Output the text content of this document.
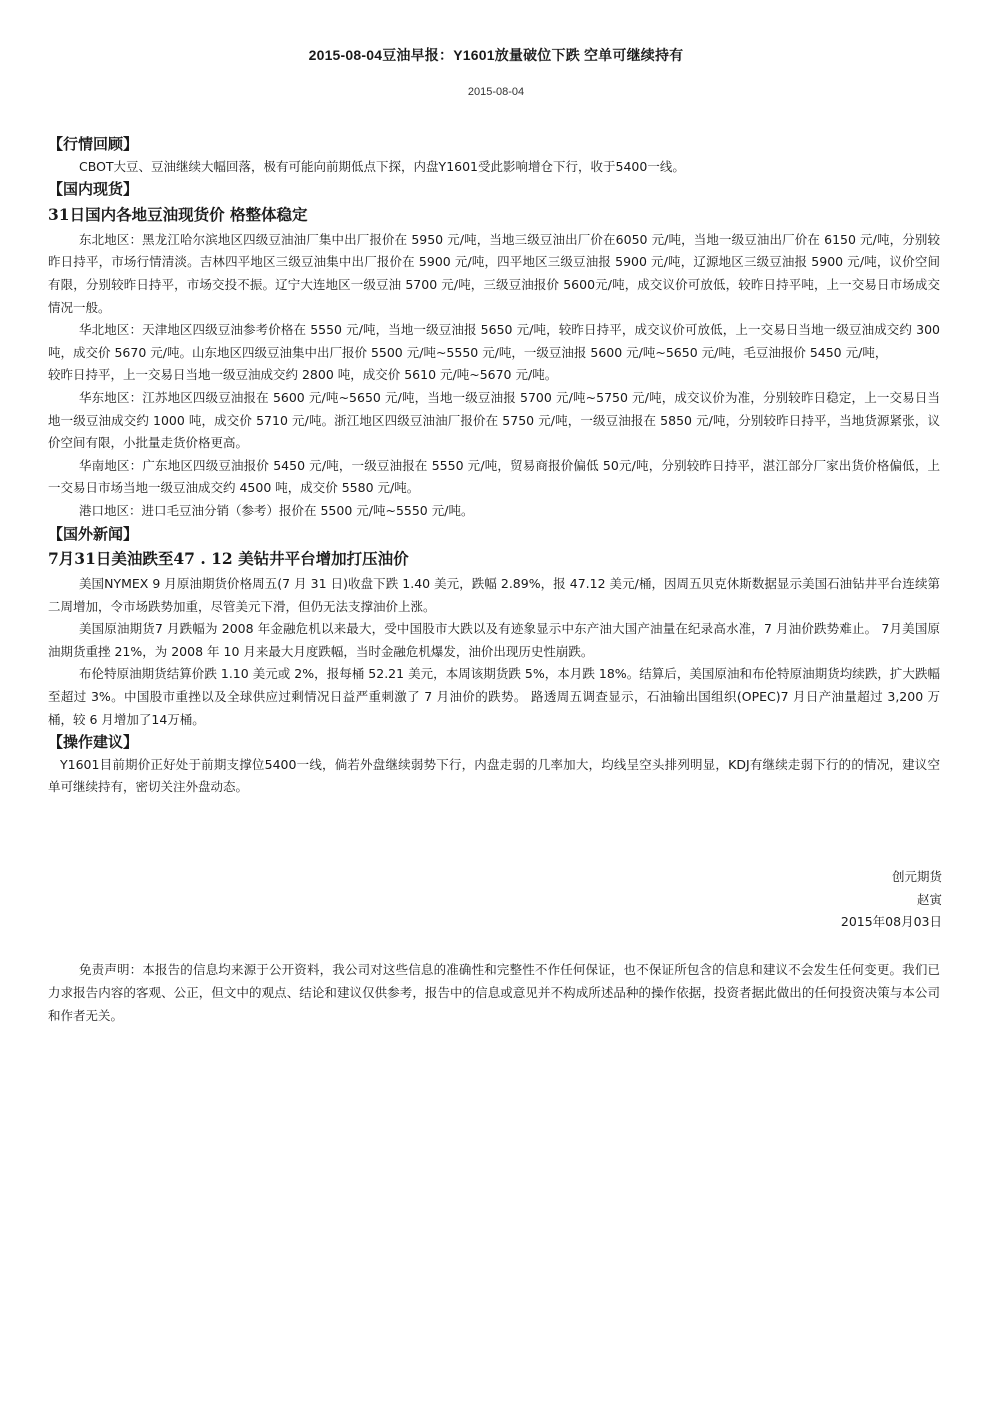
2015-08-04豆油早报：Y1601放量破位下跌 空单可继续持有
2015-08-04
【行情回顾】

CBOT大豆、豆油继续大幅回落，极有可能向前期低点下探，内盘Y1601受此影响增仓下行，收于5400一线。

【国内现货】
31日国内各地豆油现货价 格整体稳定

东北地区：黑龙江哈尔滨地区四级豆油油厂集中出厂报价在 5950 元/吨，当地三级豆油出厂价在6050 元/吨，当地一级豆油出厂价在 6150 元/吨，分别较昨日持平，市场行情清淡。吉林四平地区三级豆油集中出厂报价在 5900 元/吨，四平地区三级豆油报 5900 元/吨，辽源地区三级豆油报 5900 元/吨，议价空间有限，分别较昨日持平，市场交投不振。辽宁大连地区一级豆油 5700 元/吨，三级豆油报价 5600元/吨，成交议价可放低，较昨日持平吨，上一交易日市场成交情况一般。

华北地区：天津地区四级豆油参考价格在 5550 元/吨，当地一级豆油报 5650 元/吨，较昨日持平，成交议价可放低，上一交易日当地一级豆油成交约 300 吨，成交价 5670 元/吨。山东地区四级豆油集中出厂报价 5500 元/吨~5550 元/吨，一级豆油报 5600 元/吨~5650 元/吨，毛豆油报价 5450 元/吨，

较昨日持平，上一交易日当地一级豆油成交约 2800 吨，成交价 5610 元/吨~5670 元/吨。

华东地区：江苏地区四级豆油报在 5600 元/吨~5650 元/吨，当地一级豆油报 5700 元/吨~5750 元/吨，成交议价为准，分别较昨日稳定，上一交易日当地一级豆油成交约 1000 吨，成交价 5710 元/吨。浙江地区四级豆油油厂报价在 5750 元/吨，一级豆油报在 5850 元/吨，分别较昨日持平，当地货源紧张，议价空间有限，小批量走货价格更高。

华南地区：广东地区四级豆油报价 5450 元/吨，一级豆油报在 5550 元/吨，贸易商报价偏低 50元/吨，分别较昨日持平，湛江部分厂家出货价格偏低，上一交易日市场当地一级豆油成交约 4500 吨，成交价 5580 元/吨。

港口地区：进口毛豆油分销（参考）报价在 5500 元/吨~5550 元/吨。

【国外新闻】
7月31日美油跌至47 . 12 美钻井平台增加打压油价

美国NYMEX 9 月原油期货价格周五(7 月 31 日)收盘下跌 1.40 美元，跌幅 2.89%，报 47.12 美元/桶，因周五贝克休斯数据显示美国石油钻井平台连续第二周增加，令市场跌势加重，尽管美元下滑，但仍无法支撑油价上涨。

美国原油期货7 月跌幅为 2008 年金融危机以来最大，受中国股市大跌以及有迹象显示中东产油大国产油量在纪录高水准，7 月油价跌势难止。 7月美国原油期货重挫 21%，为 2008 年 10 月来最大月度跌幅，当时金融危机爆发，油价出现历史性崩跌。

布伦特原油期货结算价跌 1.10 美元或 2%，报每桶 52.21 美元，本周该期货跌 5%，本月跌 18%。结算后，美国原油和布伦特原油期货均续跌，扩大跌幅至超过 3%。中国股市重挫以及全球供应过剩情况日益严重刺激了 7 月油价的跌势。 路透周五调查显示，石油输出国组织(OPEC)7 月日产油量超过 3,200 万桶，较 6 月增加了14万桶。

【操作建议】

Y1601目前期价正好处于前期支撑位5400一线，倘若外盘继续弱势下行，内盘走弱的几率加大，均线呈空头排列明显，KDJ有继续走弱下行的的情况，建议空单可继续持有，密切关注外盘动态。

创元期货
赵寅
2015年08月03日

免责声明：本报告的信息均来源于公开资料，我公司对这些信息的准确性和完整性不作任何保证，也不保证所包含的信息和建议不会发生任何变更。我们已力求报告内容的客观、公正，但文中的观点、结论和建议仅供参考，报告中的信息或意见并不构成所述品种的操作依据，投资者据此做出的任何投资决策与本公司和作者无关。
